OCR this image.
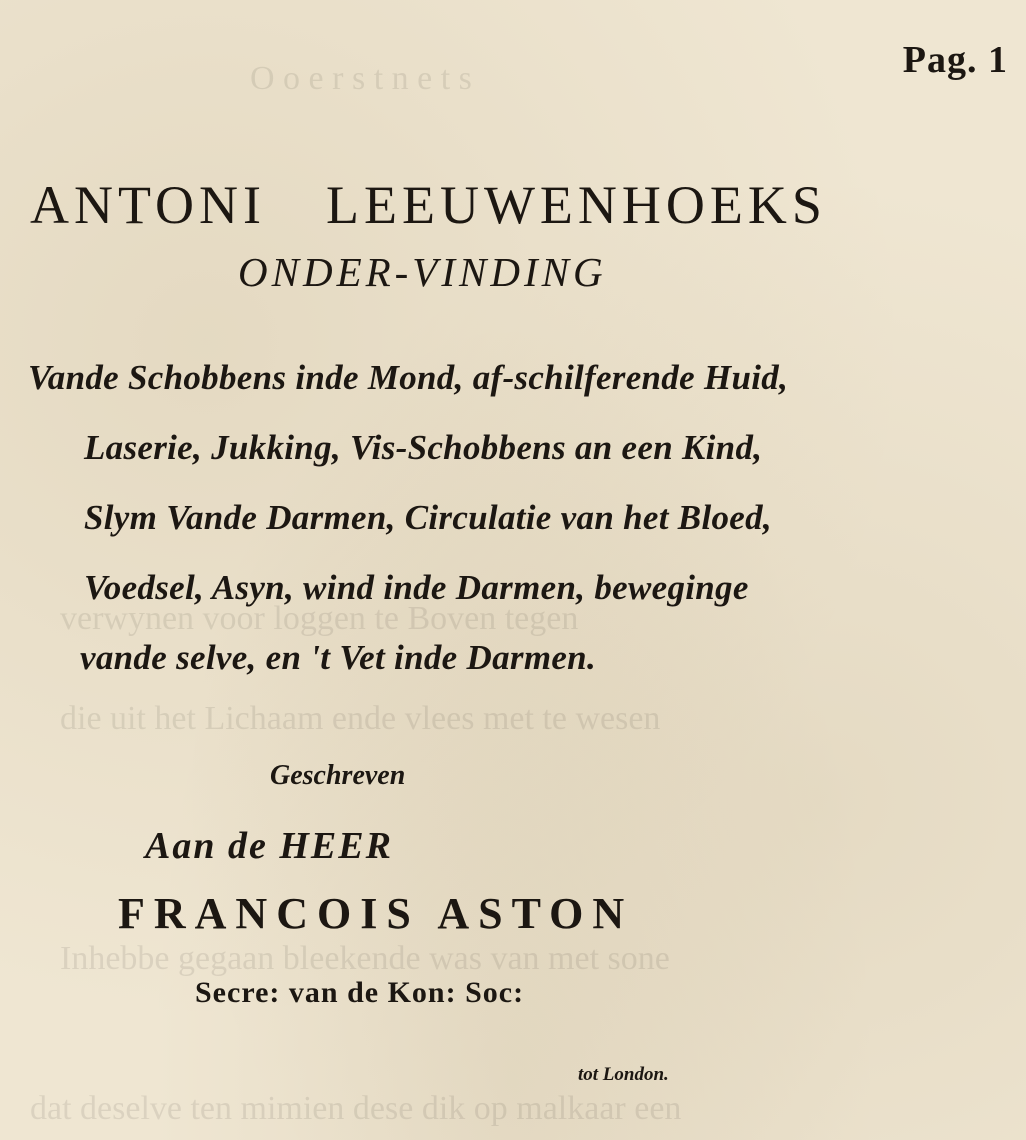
O o e r s t n e t s
verwynen voor loggen te Boven tegen
die uit het Lichaam ende vlees met te wesen
Inhebbe gegaan bleekende was van met sone
dat deselve ten mimien dese dik op malkaar een
Pag. 1
ANTONI LEEUWENHOEKS
ONDER-VINDING
Vande Schobbens inde Mond, af-schilferende Huid,
Laserie, Jukking, Vis-Schobbens an een Kind,
Slym Vande Darmen, Circulatie van het Bloed,
Voedsel, Asyn, wind inde Darmen, beweginge
vande selve, en 't Vet inde Darmen.
Geschreven
Aan de HEER
FRANCOIS ASTON
Secre: van de Kon: Soc:
tot London.
